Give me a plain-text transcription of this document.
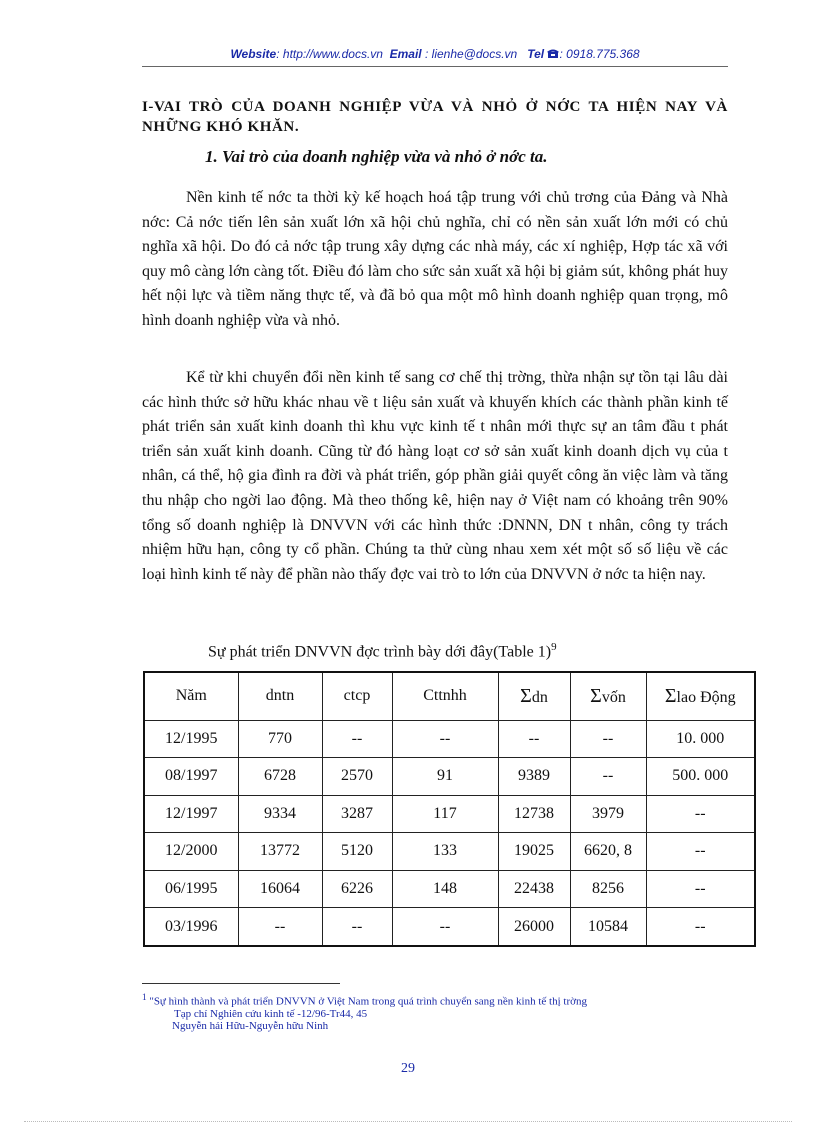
Website: http://www.docs.vn Email : lienhe@docs.vn Tel : 0918.775.368
I-VAI TRÒ CỦA DOANH NGHIỆP VỪA VÀ NHỎ Ở NỚC TA HIỆN NAY VÀ NHỮNG KHÓ KHĂN.
1. Vai trò của doanh nghiệp vừa và nhỏ ở nớc ta.

Nền kinh tế nớc ta thời kỳ kế hoạch hoá tập trung với chủ trơng của Đảng và Nhà nớc: Cả nớc tiến lên sản xuất lớn xã hội chủ nghĩa, chỉ có nền sản xuất lớn mới có chủ nghĩa xã hội. Do đó cả nớc tập trung xây dựng các nhà máy, các xí nghiệp, Hợp tác xã với quy mô càng lớn càng tốt. Điều đó làm cho sức sản xuất xã hội bị giảm sút, không phát huy hết nội lực và tiềm năng thực tế, và đã bỏ qua một mô hình doanh nghiệp quan trọng, mô hình doanh nghiệp vừa và nhỏ.

Kể từ khi chuyển đổi nền kinh tế sang cơ chế thị trờng, thừa nhận sự tồn tại lâu dài các hình thức sở hữu khác nhau về t liệu sản xuất và khuyến khích các thành phần kinh tế phát triển sản xuất kinh doanh thì khu vực kinh tế t nhân mới thực sự an tâm đầu t phát triển sản xuất kinh doanh. Cũng từ đó hàng loạt cơ sở sản xuất kinh doanh dịch vụ của t nhân, cá thể, hộ gia đình ra đời và phát triển, góp phần giải quyết công ăn việc làm và tăng thu nhập cho ngời lao động. Mà theo thống kê, hiện nay ở Việt nam có khoảng trên 90% tổng số doanh nghiệp là DNVVN với các hình thức :DNNN, DN t nhân, công ty trách nhiệm hữu hạn, công ty cổ phần. Chúng ta thử cùng nhau xem xét một số số liệu về các loại hình kinh tế này để phần nào thấy đợc vai trò to lớn của DNVVN ở nớc ta hiện nay.

Sự phát triển DNVVN đợc trình bày dới đây(Table 1)$^9$
Năm	dntn	ctcp	Cttnhh	Σdn	Σvốn	Σlao Động
12/1995	770	--	--	--	--	10. 000
08/1997	6728	2570	91	9389	--	500. 000
12/1997	9334	3287	117	12738	3979	--
12/2000	13772	5120	133	19025	6620, 8	--
06/1995	16064	6226	148	22438	8256	--
03/1996	--	--	--	26000	10584	--
$^1$ "Sự hình thành và phát triển DNVVN ở Việt Nam trong quá trình chuyển sang nền kinh tế thị trờng
Tạp chí Nghiên cứu kinh tế -12/96-Tr44, 45
Nguyễn hải Hữu-Nguyễn hữu Ninh
29
